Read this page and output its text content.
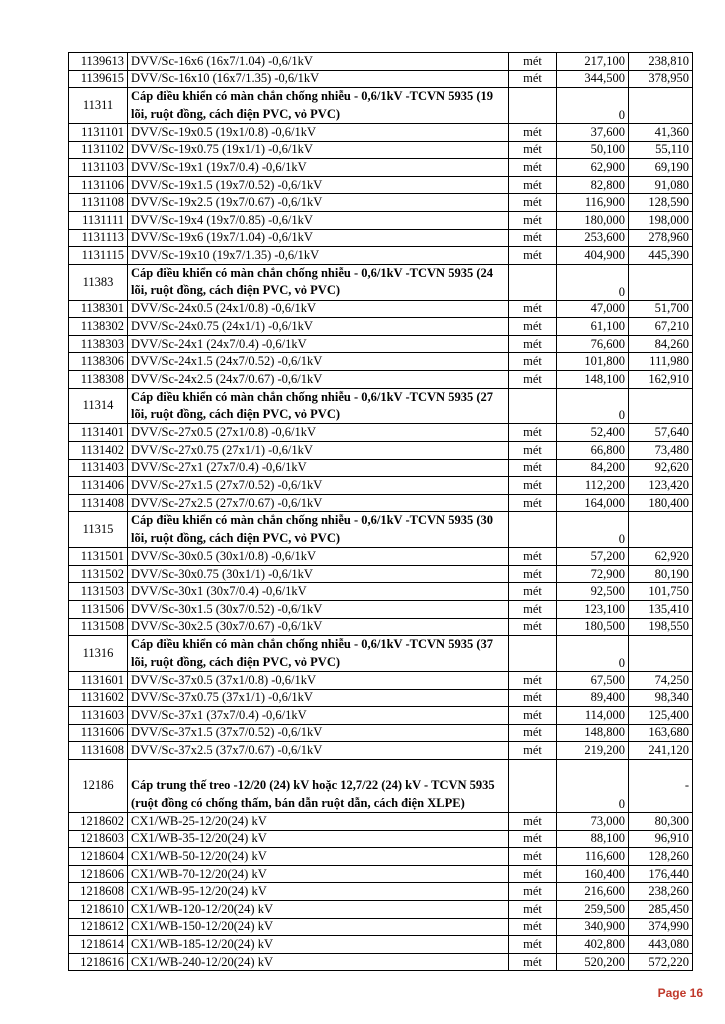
1139613	DVV/Sc-16x6 (16x7/1.04) -0,6/1kV	mét	217,100	238,810
1139615	DVV/Sc-16x10 (16x7/1.35) -0,6/1kV	mét	344,500	378,950
11311	Cáp điều khiển có màn chắn chống nhiễu - 0,6/1kV -TCVN 5935 (19 lõi, ruột đồng, cách điện PVC, vỏ PVC)		0	
1131101	DVV/Sc-19x0.5 (19x1/0.8) -0,6/1kV	mét	37,600	41,360
1131102	DVV/Sc-19x0.75 (19x1/1) -0,6/1kV	mét	50,100	55,110
1131103	DVV/Sc-19x1 (19x7/0.4) -0,6/1kV	mét	62,900	69,190
1131106	DVV/Sc-19x1.5 (19x7/0.52) -0,6/1kV	mét	82,800	91,080
1131108	DVV/Sc-19x2.5 (19x7/0.67) -0,6/1kV	mét	116,900	128,590
1131111	DVV/Sc-19x4 (19x7/0.85) -0,6/1kV	mét	180,000	198,000
1131113	DVV/Sc-19x6 (19x7/1.04) -0,6/1kV	mét	253,600	278,960
1131115	DVV/Sc-19x10 (19x7/1.35) -0,6/1kV	mét	404,900	445,390
11383	Cáp điều khiển có màn chắn chống nhiễu - 0,6/1kV -TCVN 5935 (24 lõi, ruột đồng, cách điện PVC, vỏ PVC)		0	
1138301	DVV/Sc-24x0.5 (24x1/0.8) -0,6/1kV	mét	47,000	51,700
1138302	DVV/Sc-24x0.75 (24x1/1) -0,6/1kV	mét	61,100	67,210
1138303	DVV/Sc-24x1 (24x7/0.4) -0,6/1kV	mét	76,600	84,260
1138306	DVV/Sc-24x1.5 (24x7/0.52) -0,6/1kV	mét	101,800	111,980
1138308	DVV/Sc-24x2.5 (24x7/0.67) -0,6/1kV	mét	148,100	162,910
11314	Cáp điều khiển có màn chắn chống nhiễu - 0,6/1kV -TCVN 5935 (27 lõi, ruột đồng, cách điện PVC, vỏ PVC)		0	
1131401	DVV/Sc-27x0.5 (27x1/0.8) -0,6/1kV	mét	52,400	57,640
1131402	DVV/Sc-27x0.75 (27x1/1) -0,6/1kV	mét	66,800	73,480
1131403	DVV/Sc-27x1 (27x7/0.4) -0,6/1kV	mét	84,200	92,620
1131406	DVV/Sc-27x1.5 (27x7/0.52) -0,6/1kV	mét	112,200	123,420
1131408	DVV/Sc-27x2.5 (27x7/0.67) -0,6/1kV	mét	164,000	180,400
11315	Cáp điều khiển có màn chắn chống nhiễu - 0,6/1kV -TCVN 5935 (30 lõi, ruột đồng, cách điện PVC, vỏ PVC)		0	
1131501	DVV/Sc-30x0.5 (30x1/0.8) -0,6/1kV	mét	57,200	62,920
1131502	DVV/Sc-30x0.75 (30x1/1) -0,6/1kV	mét	72,900	80,190
1131503	DVV/Sc-30x1 (30x7/0.4) -0,6/1kV	mét	92,500	101,750
1131506	DVV/Sc-30x1.5 (30x7/0.52) -0,6/1kV	mét	123,100	135,410
1131508	DVV/Sc-30x2.5 (30x7/0.67) -0,6/1kV	mét	180,500	198,550
11316	Cáp điều khiển có màn chắn chống nhiễu - 0,6/1kV -TCVN 5935 (37 lõi, ruột đồng, cách điện PVC, vỏ PVC)		0	
1131601	DVV/Sc-37x0.5 (37x1/0.8) -0,6/1kV	mét	67,500	74,250
1131602	DVV/Sc-37x0.75 (37x1/1) -0,6/1kV	mét	89,400	98,340
1131603	DVV/Sc-37x1 (37x7/0.4) -0,6/1kV	mét	114,000	125,400
1131606	DVV/Sc-37x1.5 (37x7/0.52) -0,6/1kV	mét	148,800	163,680
1131608	DVV/Sc-37x2.5 (37x7/0.67) -0,6/1kV	mét	219,200	241,120
12186	Cáp trung thế treo -12/20 (24) kV hoặc 12,7/22 (24) kV - TCVN 5935 (ruột đồng có chống thấm, bán dẫn ruột dẫn, cách điện XLPE)		0	-
1218602	CX1/WB-25-12/20(24) kV	mét	73,000	80,300
1218603	CX1/WB-35-12/20(24) kV	mét	88,100	96,910
1218604	CX1/WB-50-12/20(24) kV	mét	116,600	128,260
1218606	CX1/WB-70-12/20(24) kV	mét	160,400	176,440
1218608	CX1/WB-95-12/20(24) kV	mét	216,600	238,260
1218610	CX1/WB-120-12/20(24) kV	mét	259,500	285,450
1218612	CX1/WB-150-12/20(24) kV	mét	340,900	374,990
1218614	CX1/WB-185-12/20(24) kV	mét	402,800	443,080
1218616	CX1/WB-240-12/20(24) kV	mét	520,200	572,220
Page 16
